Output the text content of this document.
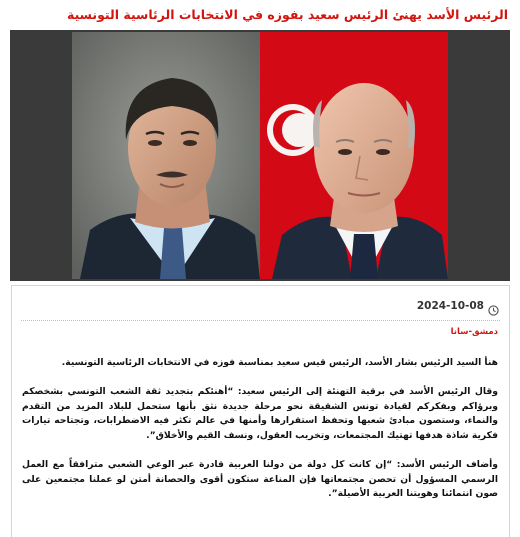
الرئيس الأسد يهنئ الرئيس سعيد بفوزه في الانتخابات الرئاسية التونسية
2024-10-08
دمشق-سانا

هنأ السيد الرئيس بشار الأسد، الرئيس قيس سعيد بمناسبة فوزه في الانتخابات الرئاسية التونسية.

وقال الرئيس الأسد في برقية التهنئة إلى الرئيس سعيد: “أهنئكم بتجديد ثقة الشعب التونسي بشخصكم وبرؤاكم وبفكركم لقيادة تونس الشقيقة نحو مرحلة جديدة نثق بأنها ستحمل للبلاد المزيد من التقدم والنماء، وستصون مبادئ شعبها وتحفظ استقرارها وأمنها في عالم تكثر فيه الاضطرابات، وتجتاحه تيارات فكرية شاذة هدفها تهتيك المجتمعات، وتخريب العقول، ونسف القيم والأخلاق”.

وأضاف الرئيس الأسد: “إن كانت كل دولة من دولنا العربية قادرة عبر الوعي الشعبي مترافقاً مع العمل الرسمي المسؤول أن تحصن مجتمعاتها فإن المناعة ستكون أقوى والحصانة أمتن لو عملنا مجتمعين على صون انتمائنا وهويتنا العربية الأصيلة”.
